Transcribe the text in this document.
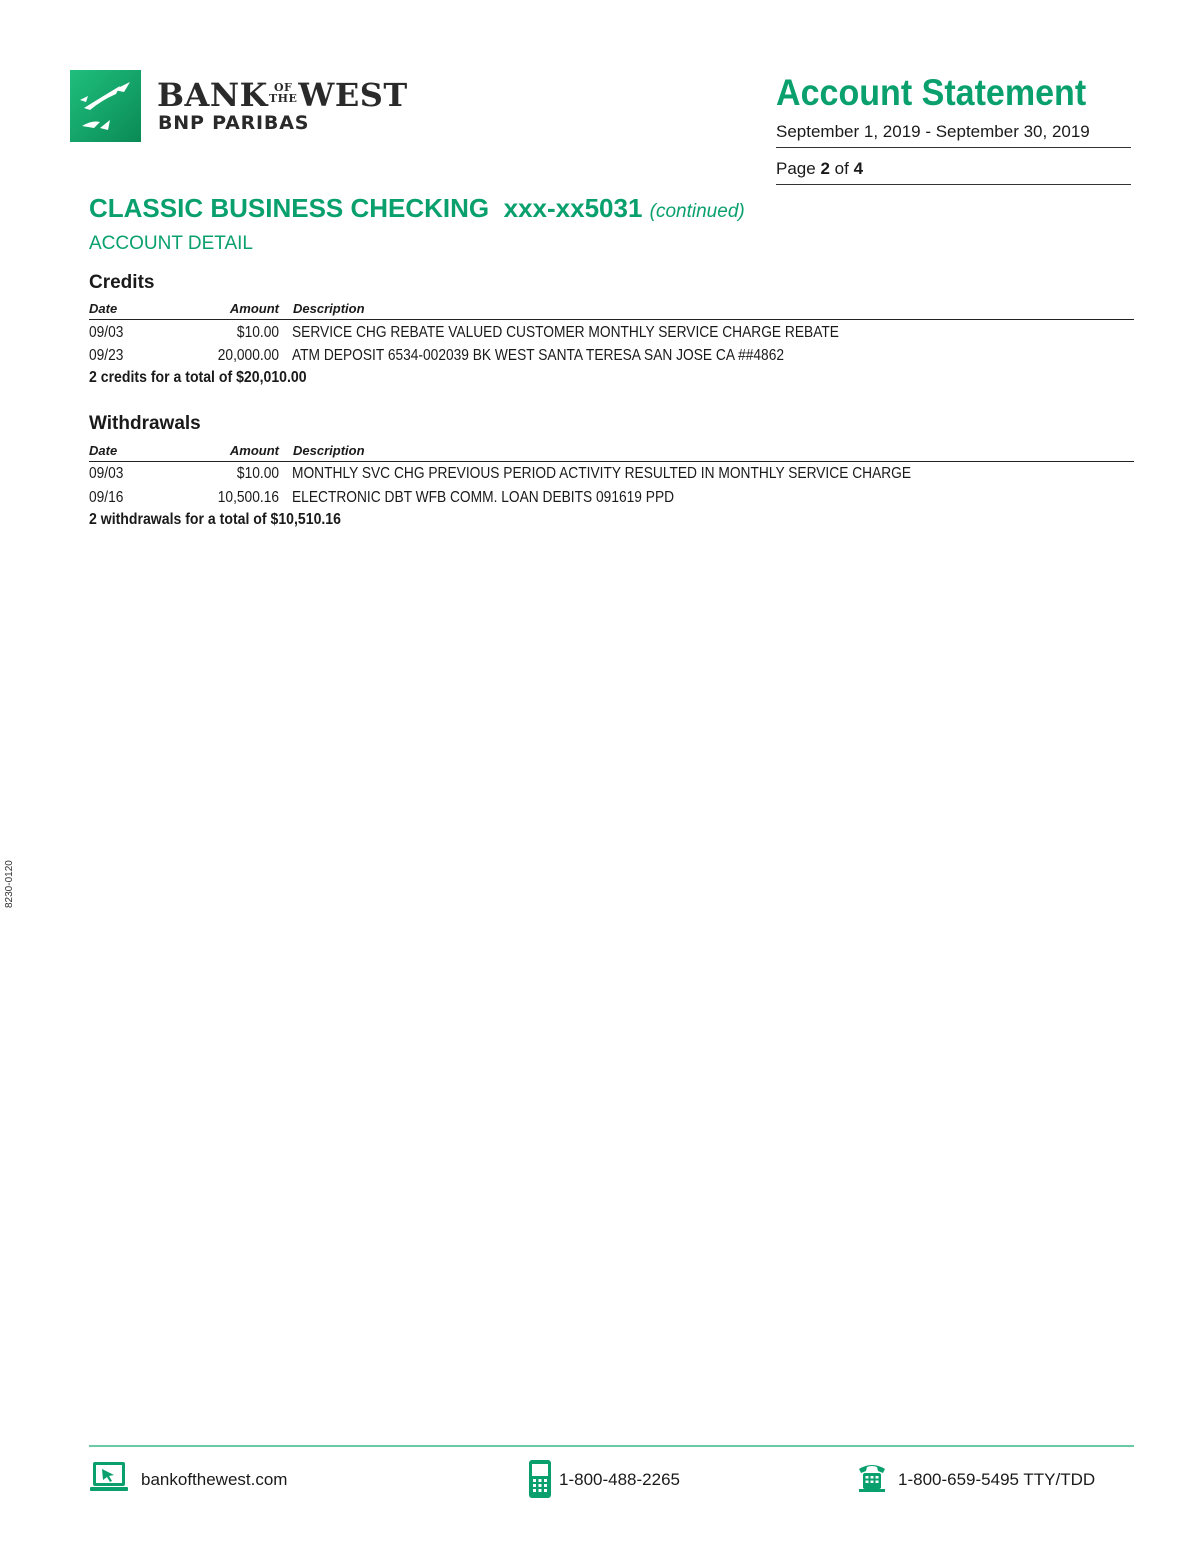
BANK OF
THEWEST
BNP PARIBAS
Account Statement
September 1, 2019 - September 30, 2019
Page 2 of 4
CLASSIC BUSINESS CHECKING xxx-xx5031 (continued)
ACCOUNT DETAIL
Credits
Date	Amount Description
09/03	$10.00 SERVICE CHG REBATE VALUED CUSTOMER MONTHLY SERVICE CHARGE REBATE
09/23	20,000.00 ATM DEPOSIT 6534-002039 BK WEST SANTA TERESA SAN JOSE CA ##4862
2 credits for a total of $20,010.00
Withdrawals
Date	Amount Description
09/03	$10.00 MONTHLY SVC CHG PREVIOUS PERIOD ACTIVITY RESULTED IN MONTHLY SERVICE CHARGE
09/16	10,500.16 ELECTRONIC DBT WFB COMM. LOAN DEBITS 091619 PPD
2 withdrawals for a total of $10,510.16
8230-0120
bankofthewest.com	1-800-488-2265	1-800-659-5495 TTY/TDD
